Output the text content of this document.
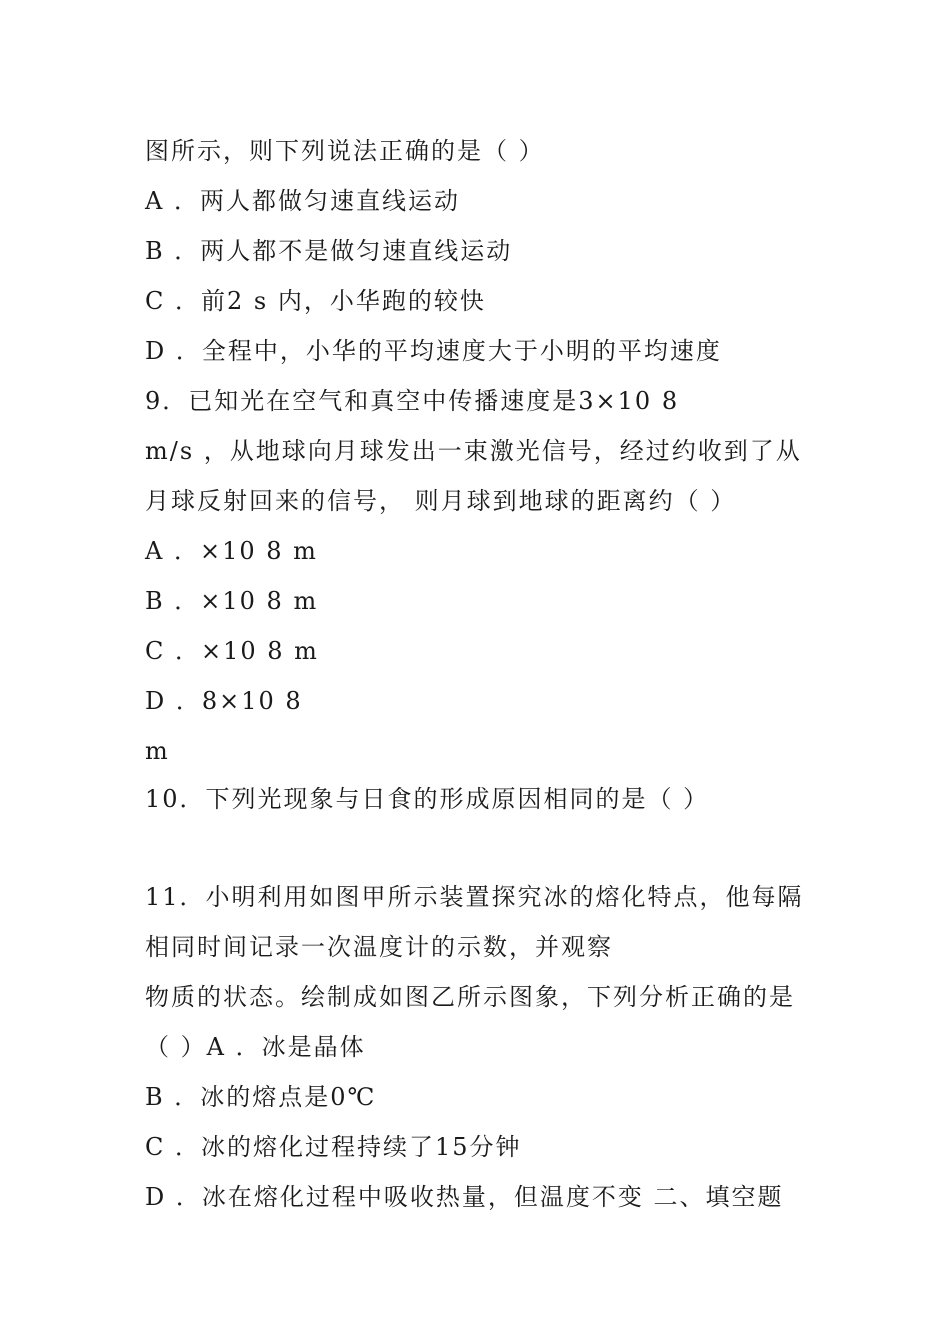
图所示，则下列说法正确的是（ ）
A ．两人都做匀速直线运动
B ．两人都不是做匀速直线运动
C ．前2 s 内，小华跑的较快
D ．全程中，小华的平均速度大于小明的平均速度
9．已知光在空气和真空中传播速度是3×10 8
m/s ，从地球向月球发出一束激光信号，经过约收到了从
月球反射回来的信号， 则月球到地球的距离约（ ）
A ．×10 8 m
B ．×10 8 m
C ．×10 8 m
D ．8×10 8
m
10．下列光现象与日食的形成原因相同的是（ ）
11．小明利用如图甲所示装置探究冰的熔化特点，他每隔
相同时间记录一次温度计的示数，并观察
物质的状态。绘制成如图乙所示图象，下列分析正确的是
（ ）A ．冰是晶体
B ．冰的熔点是0℃
C ．冰的熔化过程持续了15分钟
D ．冰在熔化过程中吸收热量，但温度不变 二、填空题
